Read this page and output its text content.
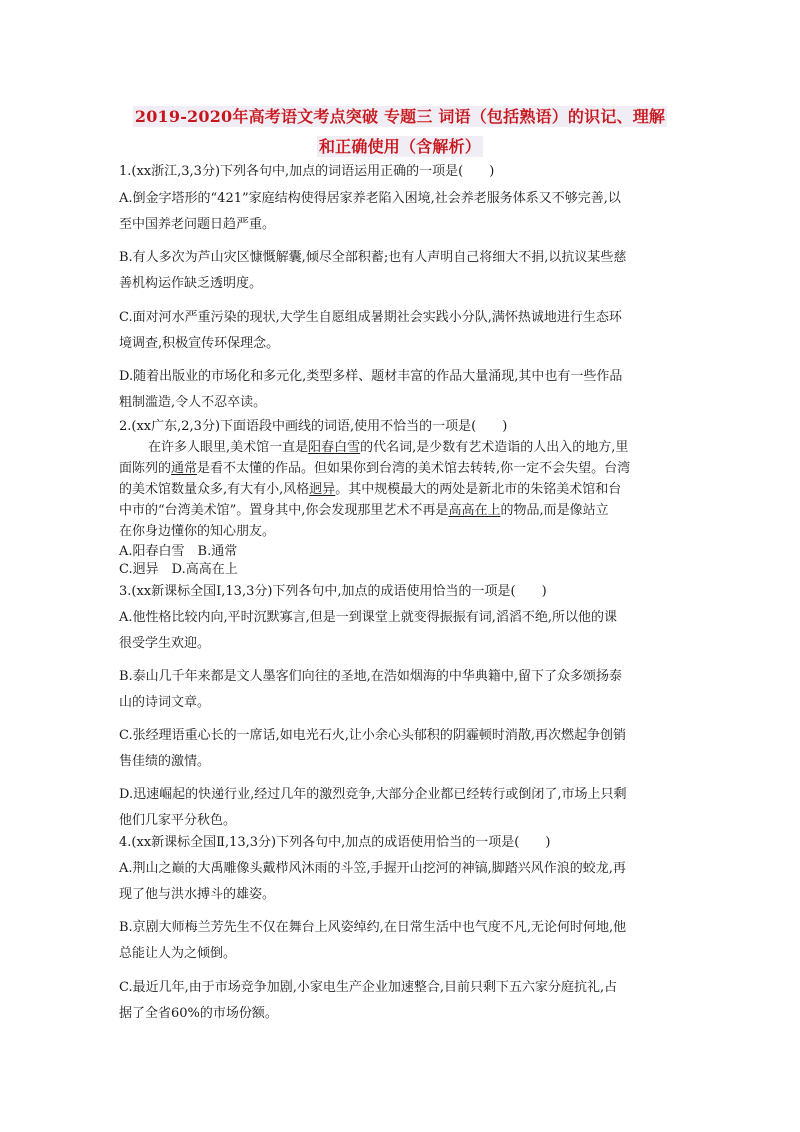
2019-2020年高考语文考点突破 专题三 词语（包括熟语）的识记、理解
和正确使用（含解析）
1.(xx浙江,3,3分)下列各句中,加点的词语运用正确的一项是(　　)
A.倒金字塔形的“421”家庭结构使得居家养老陷入困境,社会养老服务体系又不够完善,以
至中国养老问题日趋严重。
B.有人多次为芦山灾区慷慨解囊,倾尽全部积蓄;也有人声明自己将细大不捐,以抗议某些慈
善机构运作缺乏透明度。
C.面对河水严重污染的现状,大学生自愿组成暑期社会实践小分队,满怀热诚地进行生态环
境调查,积极宣传环保理念。
D.随着出版业的市场化和多元化,类型多样、题材丰富的作品大量涌现,其中也有一些作品
粗制滥造,令人不忍卒读。
2.(xx广东,2,3分)下面语段中画线的词语,使用不恰当的一项是(　　)
在许多人眼里,美术馆一直是阳春白雪的代名词,是少数有艺术造诣的人出入的地方,里
面陈列的通常是看不太懂的作品。但如果你到台湾的美术馆去转转,你一定不会失望。台湾
的美术馆数量众多,有大有小,风格迥异。其中规模最大的两处是新北市的朱铭美术馆和台
中市的“台湾美术馆”。置身其中,你会发现那里艺术不再是高高在上的物品,而是像站立
在你身边懂你的知心朋友。
A.阳春白雪　B.通常
C.迥异　D.高高在上
3.(xx新课标全国Ⅰ,13,3分)下列各句中,加点的成语使用恰当的一项是(　　)
A.他性格比较内向,平时沉默寡言,但是一到课堂上就变得振振有词,滔滔不绝,所以他的课
很受学生欢迎。
B.泰山几千年来都是文人墨客们向往的圣地,在浩如烟海的中华典籍中,留下了众多颂扬泰
山的诗词文章。
C.张经理语重心长的一席话,如电光石火,让小余心头郁积的阴霾顿时消散,再次燃起争创销
售佳绩的激情。
D.迅速崛起的快递行业,经过几年的激烈竞争,大部分企业都已经转行或倒闭了,市场上只剩
他们几家平分秋色。
4.(xx新课标全国Ⅱ,13,3分)下列各句中,加点的成语使用恰当的一项是(　　)
A.荆山之巅的大禹雕像头戴栉风沐雨的斗笠,手握开山挖河的神镐,脚踏兴风作浪的蛟龙,再
现了他与洪水搏斗的雄姿。
B.京剧大师梅兰芳先生不仅在舞台上风姿绰约,在日常生活中也气度不凡,无论何时何地,他
总能让人为之倾倒。
C.最近几年,由于市场竞争加剧,小家电生产企业加速整合,目前只剩下五六家分庭抗礼,占
据了全省60%的市场份额。
